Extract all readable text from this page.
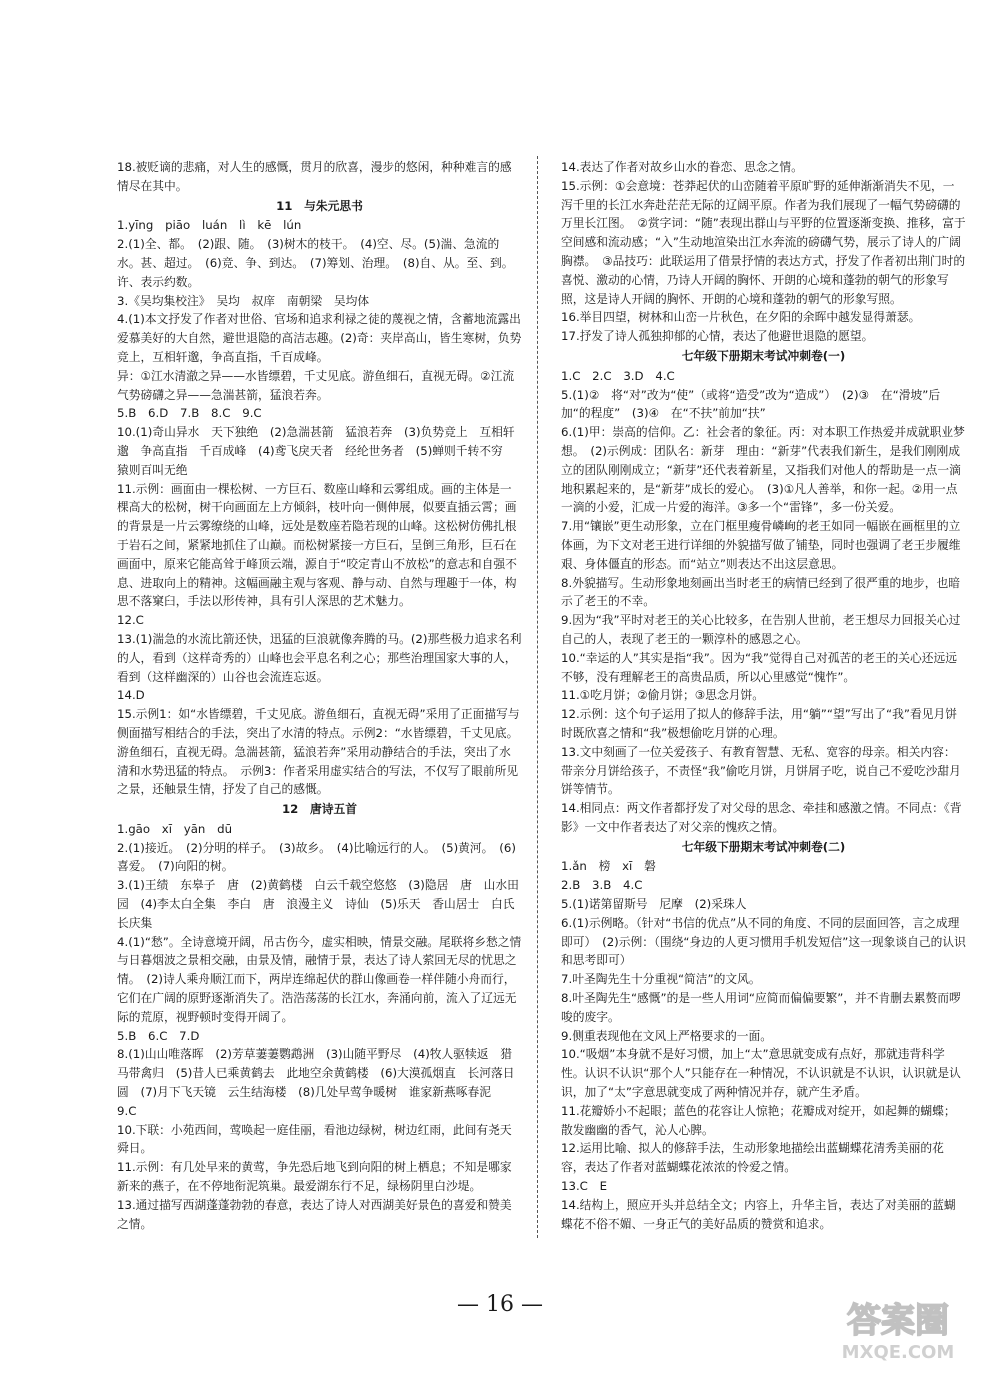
18.被贬谪的悲痛，对人生的感慨，贯月的欣喜，漫步的悠闲，种种难言的感情尽在其中。

11　与朱元思书

1.yīng　piāo　luán　lì　kē　lún

2.(1)全、都。　(2)跟、随。　(3)树木的枝干。　(4)空、尽。(5)湍、急流的水。甚、超过。　(6)竞、争、到达。　(7)筹划、治理。　(8)自、从。至、到。许、表示约数。

3.《吴均集校注》　吴均　叔庠　南朝梁　吴均体

4.(1)本文抒发了作者对世俗、官场和追求利禄之徒的蔑视之情，含蓄地流露出爱慕美好的大自然，避世退隐的高洁志趣。(2)奇：夹岸高山，皆生寒树，负势竞上，互相轩邈，争高直指，千百成峰。

异：①江水清澈之异——水皆缥碧，千丈见底。游鱼细石，直视无碍。②江流气势磅礴之异——急湍甚箭，猛浪若奔。

5.B　6.D　7.B　8.C　9.C

10.(1)奇山异水　天下独绝　(2)急湍甚箭　猛浪若奔　(3)负势竞上　互相轩邈　争高直指　千百成峰　(4)鸢飞戾天者　经纶世务者　(5)蝉则千转不穷　猿则百叫无绝

11.示例：画面由一棵松树、一方巨石、数座山峰和云雾组成。画的主体是一棵高大的松树，树干向画面左上方倾斜，枝叶向一侧伸展，似要直插云霄；画的背景是一片云雾缭绕的山峰，远处是数座若隐若现的山峰。这松树仿佛扎根于岩石之间，紧紧地抓住了山巅。而松树紧接一方巨石，呈倒三角形，巨石在画面中，原来它能高耸于峰顶云端，源自于“咬定青山不放松”的意志和自强不息、进取向上的精神。这幅画融主观与客观、静与动、自然与理趣于一体，构思不落窠臼，手法以形传神，具有引人深思的艺术魅力。

12.C

13.(1)湍急的水流比箭还快，迅猛的巨浪就像奔腾的马。(2)那些极力追求名利的人，看到（这样奇秀的）山峰也会平息名利之心；那些治理国家大事的人，看到（这样幽深的）山谷也会流连忘返。

14.D

15.示例1：如“水皆缥碧，千丈见底。游鱼细石，直视无碍”采用了正面描写与侧面描写相结合的手法，突出了水清的特点。示例2：“水皆缥碧，千丈见底。游鱼细石，直视无碍。急湍甚箭，猛浪若奔”采用动静结合的手法，突出了水清和水势迅猛的特点。　示例3：作者采用虚实结合的写法，不仅写了眼前所见之景，还触景生情，抒发了自己的感慨。

12　唐诗五首

1.gāo　xī　yān　dū

2.(1)接近。　(2)分明的样子。　(3)故乡。　(4)比喻远行的人。　(5)黄河。　(6)喜爱。　(7)向阳的树。

3.(1)王绩　东皋子　唐　(2)黄鹤楼　白云千载空悠悠　(3)隐居　唐　山水田园　(4)李太白全集　李白　唐　浪漫主义　诗仙　(5)乐天　香山居士　白氏长庆集

4.(1)“愁”。全诗意境开阔，吊古伤今，虚实相映，情景交融。尾联将乡愁之情与日暮烟波之景相交融，由景及情，融情于景，表达了诗人萦回无尽的忧思之情。　(2)诗人乘舟顺江而下，两岸连绵起伏的群山像画卷一样伴随小舟而行，它们在广阔的原野逐渐消失了。浩浩荡荡的长江水，奔涌向前，流入了辽远无际的荒原，视野顿时变得开阔了。

5.B　6.C　7.D

8.(1)山山唯落晖　(2)芳草萋萋鹦鹉洲　(3)山随平野尽　(4)牧人驱犊返　猎马带禽归　(5)昔人已乘黄鹤去　此地空余黄鹤楼　(6)大漠孤烟直　长河落日圆　(7)月下飞天镜　云生结海楼　(8)几处早莺争暖树　谁家新燕啄春泥

9.C

10.下联：小苑西间，莺唤起一庭佳丽，看池边绿树，树边红雨，此间有尧天舜日。

11.示例：有几处早来的黄莺，争先恐后地飞到向阳的树上栖息；不知是哪家新来的燕子，在不停地衔泥筑巢。最爱湖东行不足，绿杨阴里白沙堤。

13.通过描写西湖蓬蓬勃勃的春意，表达了诗人对西湖美好景色的喜爱和赞美之情。

14.表达了作者对故乡山水的眷恋、思念之情。

15.示例：①会意境：苍莽起伏的山峦随着平原旷野的延伸渐渐消失不见，一泻千里的长江水奔赴茫茫无际的辽阔平原。作者为我们展现了一幅气势磅礴的万里长江图。　②赏字词：“随”表现出群山与平野的位置逐渐变换、推移，富于空间感和流动感；“入”生动地渲染出江水奔流的磅礴气势，展示了诗人的广阔胸襟。　③品技巧：此联运用了借景抒情的表达方式，抒发了作者初出荆门时的喜悦、激动的心情，乃诗人开阔的胸怀、开朗的心境和蓬勃的朝气的形象写照，这是诗人开阔的胸怀、开朗的心境和蓬勃的朝气的形象写照。

16.举目四望，树林和山峦一片秋色，在夕阳的余晖中越发显得萧瑟。

17.抒发了诗人孤独抑郁的心情，表达了他避世退隐的愿望。

七年级下册期末考试冲刺卷(一)

1.C　2.C　3.D　4.C

5.(1)②　将“对”改为“使”（或将“造受”改为“造成”）　(2)③　在“滑坡”后加“的程度”　(3)④　在“不扶”前加“扶”

6.(1)甲：崇高的信仰。乙：社会者的象征。丙：对本职工作热爱并成就职业梦想。　(2)示例成：团队名：新芽　理由：“新芽”代表我们新生，是我们刚刚成立的团队刚刚成立；“新芽”还代表着新星，又指我们对他人的帮助是一点一滴地积累起来的，是“新芽”成长的爱心。　(3)①凡人善举，和你一起。②用一点一滴的小爱，汇成一片爱的海洋。③多一个“雷锋”，多一份关爱。

7.用“镶嵌”更生动形象，立在门框里瘦骨嶙峋的老王如同一幅嵌在画框里的立体画，为下文对老王进行详细的外貌描写做了铺垫，同时也强调了老王步履维艰、身体僵直的形态。而“站立”则表达不出这层意思。

8.外貌描写。生动形象地刻画出当时老王的病情已经到了很严重的地步，也暗示了老王的不幸。

9.因为“我”平时对老王的关心比较多，在告别人世前，老王想尽力回报关心过自己的人，表现了老王的一颗淳朴的感恩之心。

10.“幸运的人”其实是指“我”。因为“我”觉得自己对孤苦的老王的关心还远远不够，没有理解老王的高贵品质，所以心里感觉“愧怍”。

11.①吃月饼；②偷月饼；③思念月饼。

12.示例：这个句子运用了拟人的修辞手法，用“躺”“望”写出了“我”看见月饼时既欣喜之情和“我”极想偷吃月饼的心理。

13.文中刻画了一位关爱孩子、有教育智慧、无私、宽容的母亲。相关内容：带亲分月饼给孩子，不责怪“我”偷吃月饼，月饼屑子吃，说自己不爱吃沙甜月饼等情节。

14.相同点：两文作者都抒发了对父母的思念、牵挂和感激之情。不同点：《背影》一文中作者表达了对父亲的愧疚之情。

七年级下册期末考试冲刺卷(二)

1.ǎn　榜　xī　磐

2.B　3.B　4.C

5.(1)诺第留斯号　尼摩　(2)采珠人

6.(1)示例略。（针对“书信的优点”从不同的角度、不同的层面回答，言之成理即可）　(2)示例：（围绕“身边的人更习惯用手机发短信”这一现象谈自己的认识和思考即可）

7.叶圣陶先生十分重视“简洁”的文风。

8.叶圣陶先生“感慨”的是一些人用词“应简而偏偏要繁”，并不肯删去累赘而啰唆的废字。

9.侧重表现他在文风上严格要求的一面。

10.“吸烟”本身就不是好习惯，加上“太”意思就变成有点好，那就违背科学性。认识不认识“那个人”只能存在一种情况，不认识就是不认识，认识就是认识，加了“太”字意思就变成了两种情况并存，就产生矛盾。

11.花瓣娇小不起眼；蓝色的花容让人惊艳；花瓣成对绽开，如起舞的蝴蝶；散发幽幽的香气，沁人心脾。

12.运用比喻、拟人的修辞手法，生动形象地描绘出蓝蝴蝶花清秀美丽的花容，表达了作者对蓝蝴蝶花浓浓的怜爱之情。

13.C　E

14.结构上，照应开头并总结全文；内容上，升华主旨，表达了对美丽的蓝蝴蝶花不俗不媚、一身正气的美好品质的赞赏和追求。

— 16 —	答案圈
MXQE.COM
